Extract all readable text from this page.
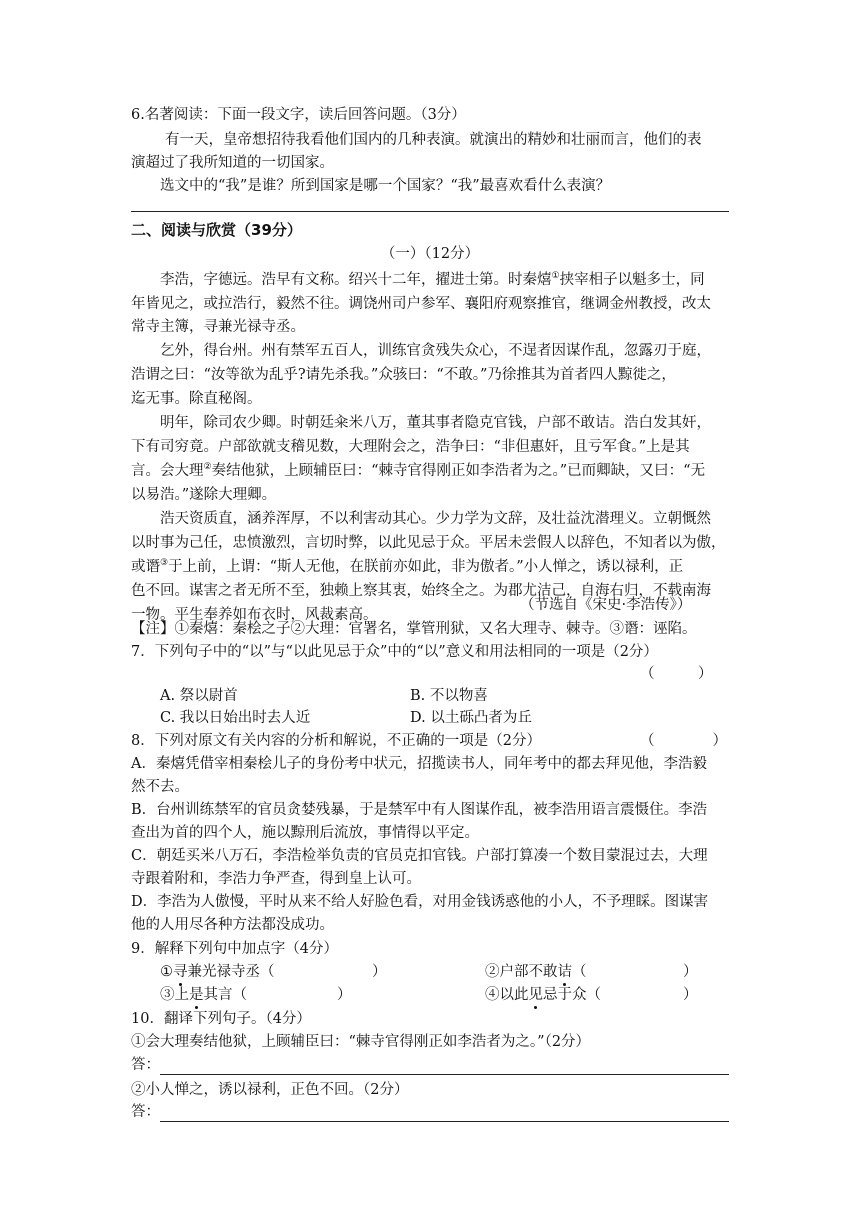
6.名著阅读：下面一段文字，读后回答问题。（3分）
有一天，皇帝想招待我看他们国内的几种表演。就演出的精妙和壮丽而言，他们的表
演超过了我所知道的一切国家。
选文中的“我”是谁？所到国家是哪一个国家？“我”最喜欢看什么表演？
二、阅读与欣赏（39分）
（一）（12分）
李浩，字德远。浩早有文称。绍兴十二年，擢进士第。时秦熺①挟宰相子以魁多士，同
年皆见之，或拉浩行，毅然不往。调饶州司户参军、襄阳府观察推官，继调金州教授，改太
常寺主簿，寻兼光禄寺丞。
乞外，得台州。州有禁军五百人，训练官贪残失众心，不逞者因谋作乱，忽露刃于庭，
浩谓之曰：“汝等欲为乱乎?请先杀我。”众骇曰：“不敢。”乃徐推其为首者四人黥徙之，
迄无事。除直秘阁。
明年，除司农少卿。时朝廷籴米八万，董其事者隐克官钱，户部不敢诘。浩白发其奸，
下有司穷竟。户部欲就支稽见数，大理附会之，浩争曰：“非但惠奸，且亏军食。”上是其
言。会大理②奏结他狱，上顾辅臣曰：“棘寺官得刚正如李浩者为之。”已而卿缺，又曰：“无
以易浩。”遂除大理卿。
浩天资质直，涵养浑厚，不以利害动其心。少力学为文辞，及壮益沈潜理义。立朝慨然
以时事为己任，忠愤激烈，言切时弊，以此见忌于众。平居未尝假人以辞色，不知者以为傲，
或谮③于上前，上谓：“斯人无他，在朕前亦如此，非为傲者。”小人惮之，诱以禄利，正
色不回。谋害之者无所不至，独赖上察其衷，始终全之。为郡尤洁己，自海右归，不载南海
一物。平生奉养如布衣时，风裁素高。
（节选自《宋史·李浩传》）
【注】①秦熺：秦桧之子②大理：官署名，掌管刑狱，又名大理寺、棘寺。③谮：诬陷。
7．下列句子中的“以”与“以此见忌于众”中的“以”意义和用法相同的一项是（2分）
（　　　）
A. 祭以尉首	B. 不以物喜
C. 我以日始出时去人近	D. 以土砾凸者为丘
8．下列对原文有关内容的分析和解说，不正确的一项是（2分）	（　　　　）
A．秦熺凭借宰相秦桧儿子的身份考中状元，招揽读书人，同年考中的都去拜见他，李浩毅
然不去。
B．台州训练禁军的官员贪婪残暴，于是禁军中有人图谋作乱，被李浩用语言震慑住。李浩
查出为首的四个人，施以黥刑后流放，事情得以平定。
C．朝廷买米八万石，李浩检举负责的官员克扣官钱。户部打算凑一个数目蒙混过去，大理
寺跟着附和，李浩力争严查，得到皇上认可。
D．李浩为人傲慢，平时从来不给人好脸色看，对用金钱诱惑他的小人，不予理睬。图谋害
他的人用尽各种方法都没成功。
9．解释下列句中加点字（4分）
①寻兼光禄寺丞（	）	②户部不敢诘（	）
③上是其言（	）	④以此见忌于众（	）
10．翻译下列句子。（4分）
①会大理奏结他狱，上顾辅臣曰：“棘寺官得刚正如李浩者为之。”（2分）
答：
②小人惮之，诱以禄利，正色不回。（2分）
答：
